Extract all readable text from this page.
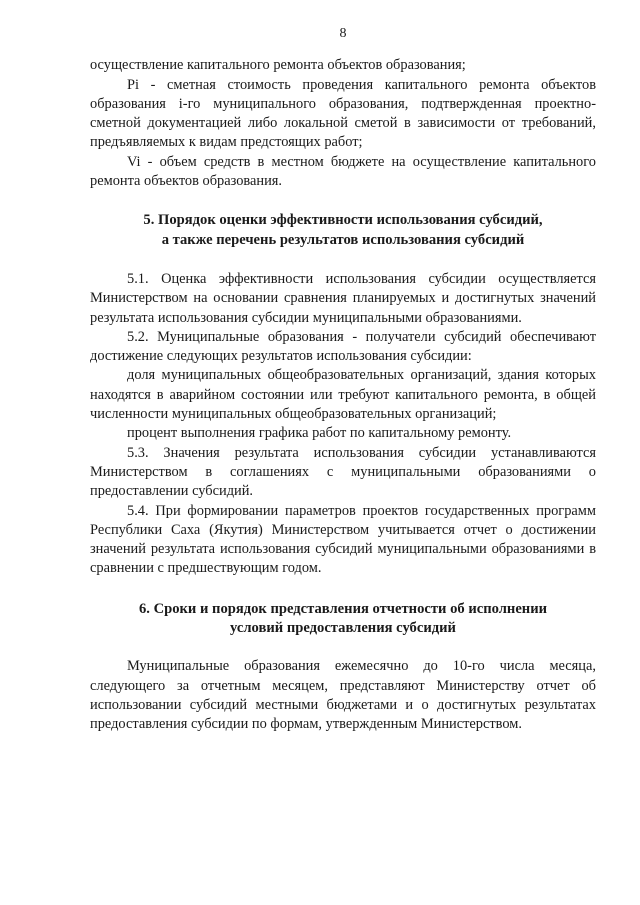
8

осуществление капитального ремонта объектов образования;

Pi - сметная стоимость проведения капитального ремонта объектов образования i-го муниципального образования, подтвержденная проектно-сметной документацией либо локальной сметой в зависимости от требований, предъявляемых к видам предстоящих работ;

Vi - объем средств в местном бюджете на осуществление капитального ремонта объектов образования.

5. Порядок оценки эффективности использования субсидий,
а также перечень результатов использования субсидий

5.1. Оценка эффективности использования субсидии осуществляется Министерством на основании сравнения планируемых и достигнутых значений результата использования субсидии муниципальными образованиями.

5.2. Муниципальные образования - получатели субсидий обеспечивают достижение следующих результатов использования субсидии:

доля муниципальных общеобразовательных организаций, здания которых находятся в аварийном состоянии или требуют капитального ремонта, в общей численности муниципальных общеобразовательных организаций;

процент выполнения графика работ по капитальному ремонту.

5.3. Значения результата использования субсидии устанавливаются Министерством в соглашениях с муниципальными образованиями о предоставлении субсидий.

5.4. При формировании параметров проектов государственных программ Республики Саха (Якутия) Министерством учитывается отчет о достижении значений результата использования субсидий муниципальными образованиями в сравнении с предшествующим годом.

6. Сроки и порядок представления отчетности об исполнении
условий предоставления субсидий

Муниципальные образования ежемесячно до 10-го числа месяца, следующего за отчетным месяцем, представляют Министерству отчет об использовании субсидий местными бюджетами и о достигнутых результатах предоставления субсидии по формам, утвержденным Министерством.
